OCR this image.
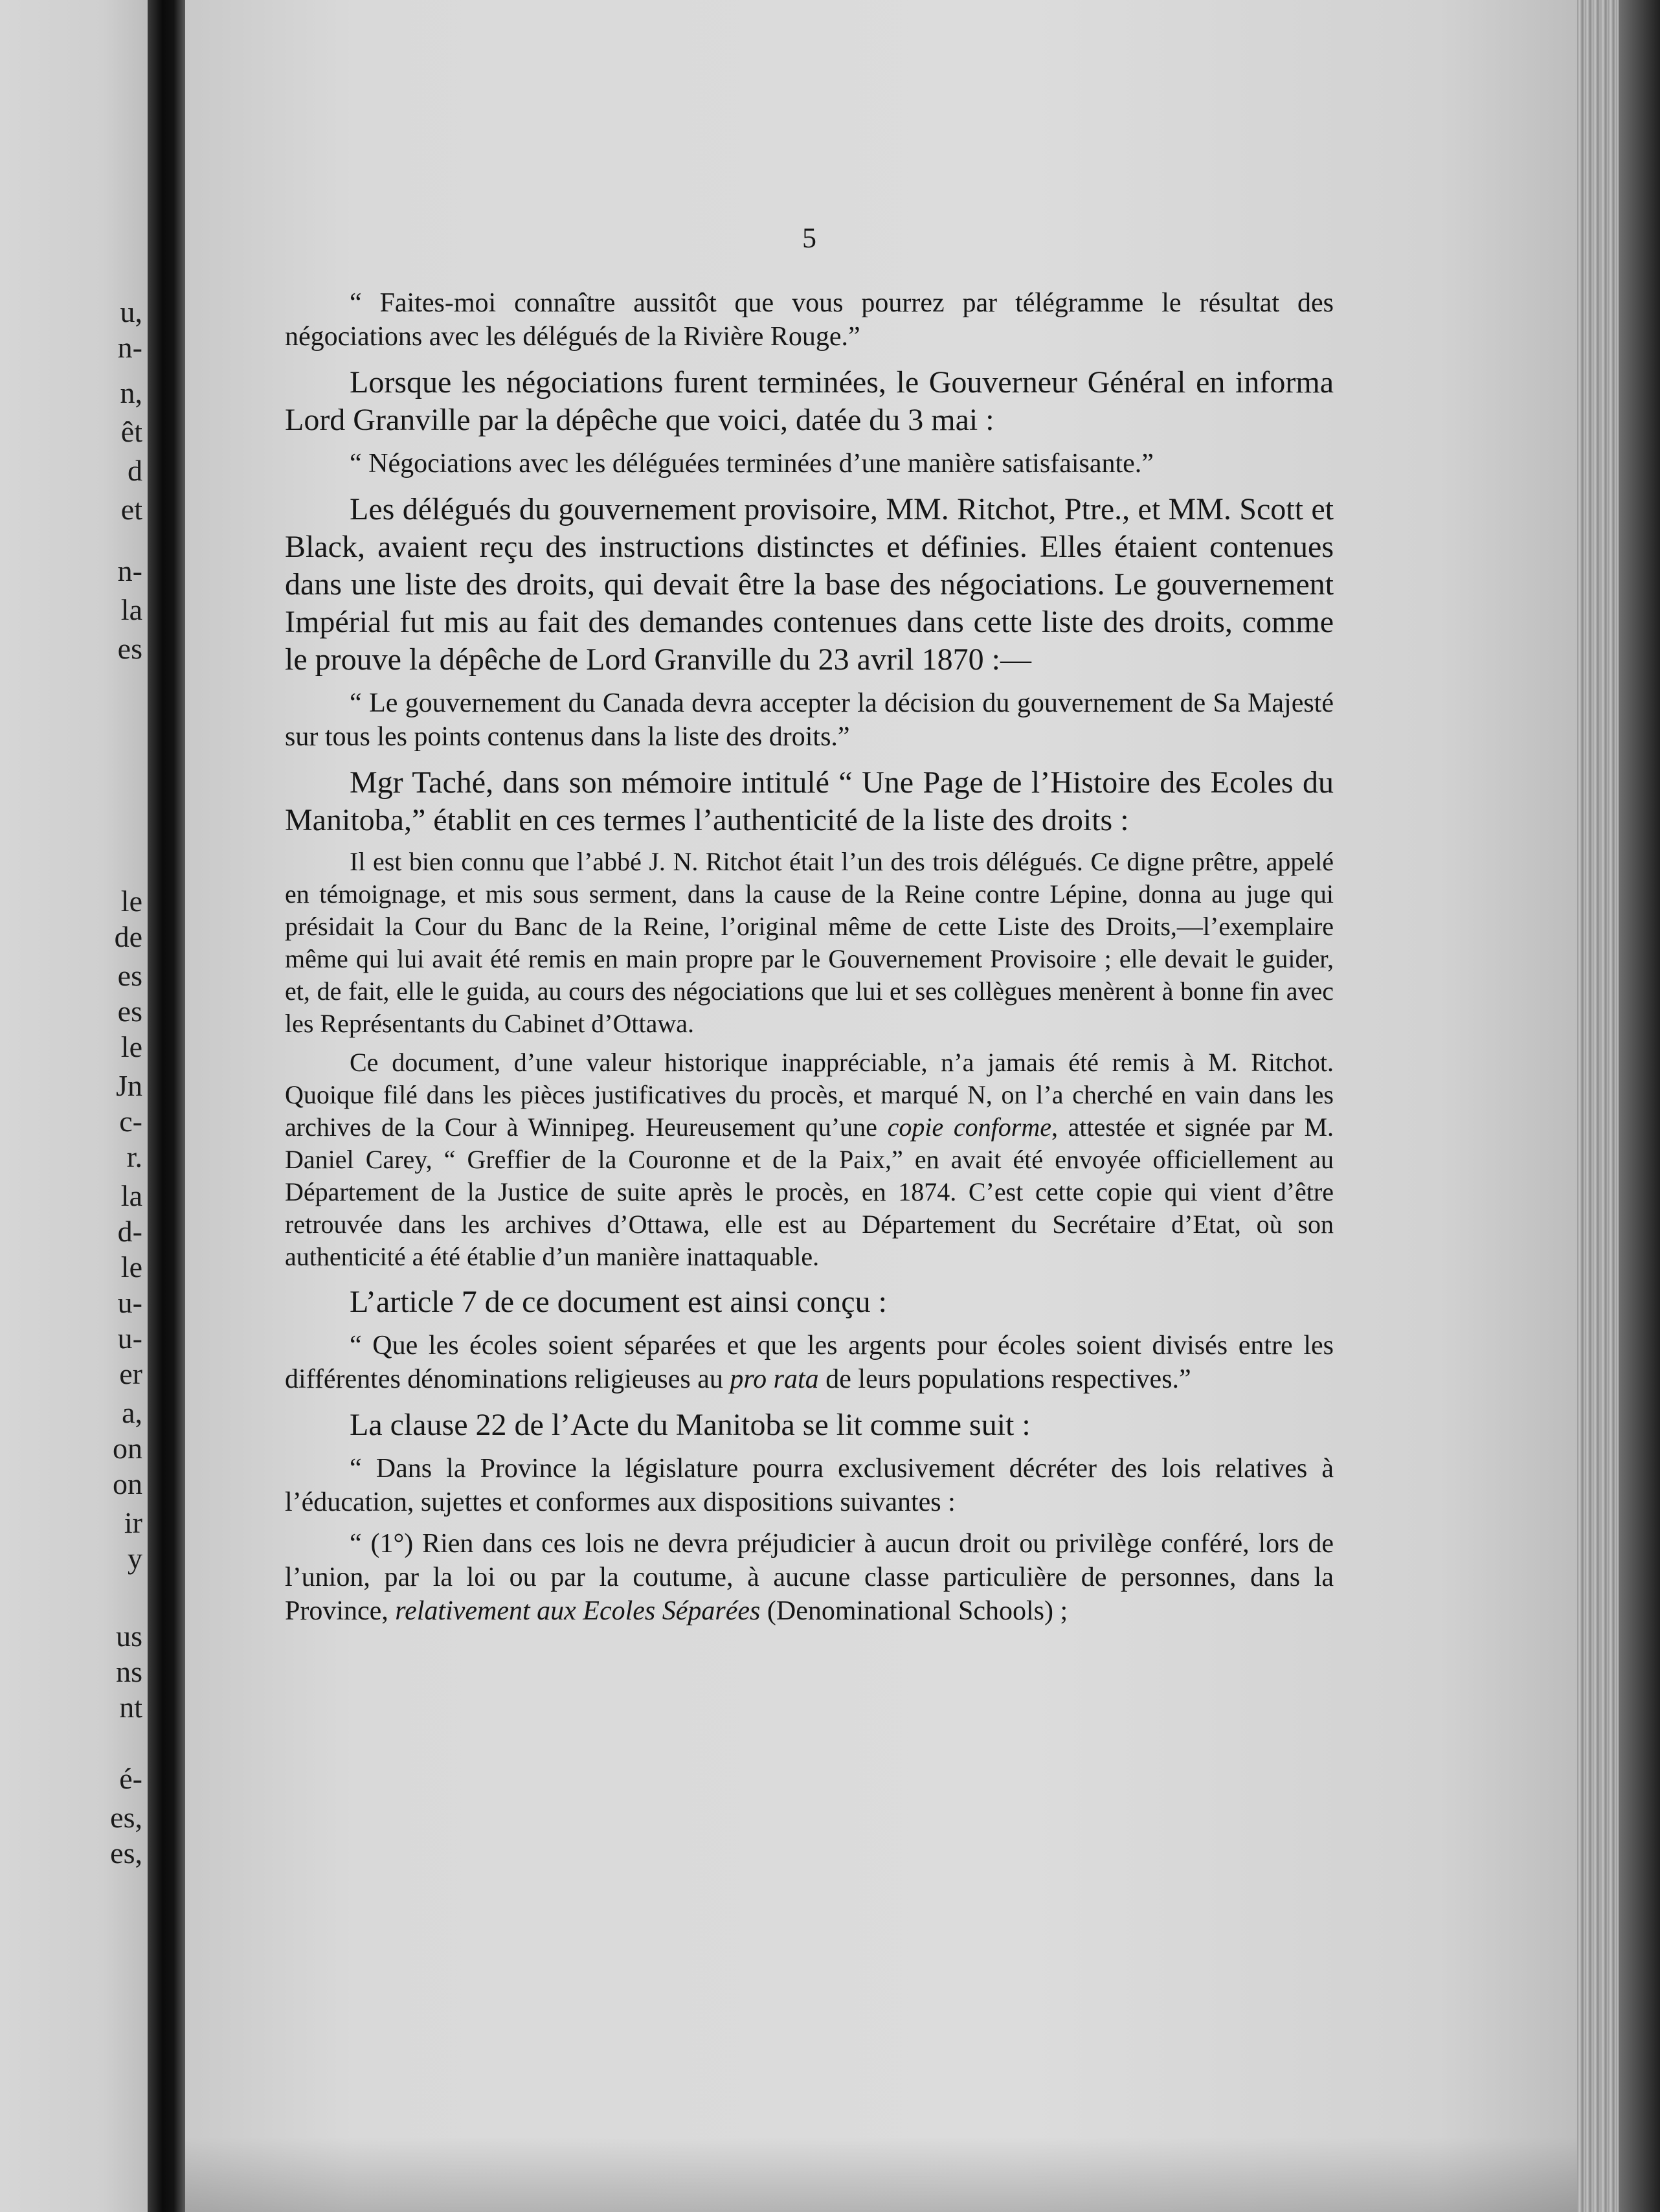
u,
n-
n,
êt
d
et
n-
la
es
le
de
es
es
le
Jn
c-
r.
la
d-
le
u-
u-
er
a,
on
on
ir
y
us
ns
nt
é-
es,
es,
5

“ Faites-moi connaître aussitôt que vous pourrez par télégramme le résultat des négociations avec les délégués de la Rivière Rouge.”

Lorsque les négociations furent terminées, le Gouverneur Général en informa Lord Granville par la dépêche que voici, datée du 3 mai :

“ Négociations avec les déléguées terminées d’une manière satisfaisante.”

Les délégués du gouvernement provisoire, MM. Ritchot, Ptre., et MM. Scott et Black, avaient reçu des instructions distinctes et définies. Elles étaient contenues dans une liste des droits, qui devait être la base des négociations. Le gouvernement Impérial fut mis au fait des demandes contenues dans cette liste des droits, comme le prouve la dépêche de Lord Granville du 23 avril 1870 :—

“ Le gouvernement du Canada devra accepter la décision du gouvernement de Sa Majesté sur tous les points contenus dans la liste des droits.”

Mgr Taché, dans son mémoire intitulé “ Une Page de l’Histoire des Ecoles du Manitoba,” établit en ces termes l’authenticité de la liste des droits :

Il est bien connu que l’abbé J. N. Ritchot était l’un des trois délégués. Ce digne prêtre, appelé en témoignage, et mis sous serment, dans la cause de la Reine contre Lépine, donna au juge qui présidait la Cour du Banc de la Reine, l’original même de cette Liste des Droits,—l’exemplaire même qui lui avait été remis en main propre par le Gouvernement Provisoire ; elle devait le guider, et, de fait, elle le guida, au cours des négociations que lui et ses collègues menèrent à bonne fin avec les Représentants du Cabinet d’Ottawa.

Ce document, d’une valeur historique inappréciable, n’a jamais été remis à M. Ritchot. Quoique filé dans les pièces justificatives du procès, et marqué N, on l’a cherché en vain dans les archives de la Cour à Winnipeg. Heureusement qu’une copie conforme, attestée et signée par M. Daniel Carey, “ Greffier de la Couronne et de la Paix,” en avait été envoyée officiellement au Département de la Justice de suite après le procès, en 1874. C’est cette copie qui vient d’être retrouvée dans les archives d’Ottawa, elle est au Département du Secrétaire d’Etat, où son authenticité a été établie d’un manière inattaquable.

L’article 7 de ce document est ainsi conçu :

“ Que les écoles soient séparées et que les argents pour écoles soient divisés entre les différentes dénominations religieuses au pro rata de leurs populations respectives.”

La clause 22 de l’Acte du Manitoba se lit comme suit :

“ Dans la Province la législature pourra exclusivement décréter des lois relatives à l’éducation, sujettes et conformes aux dispositions suivantes :

“ (1°) Rien dans ces lois ne devra préjudicier à aucun droit ou privilège conféré, lors de l’union, par la loi ou par la coutume, à aucune classe particulière de personnes, dans la Province, relativement aux Ecoles Séparées (Denominational Schools) ;
